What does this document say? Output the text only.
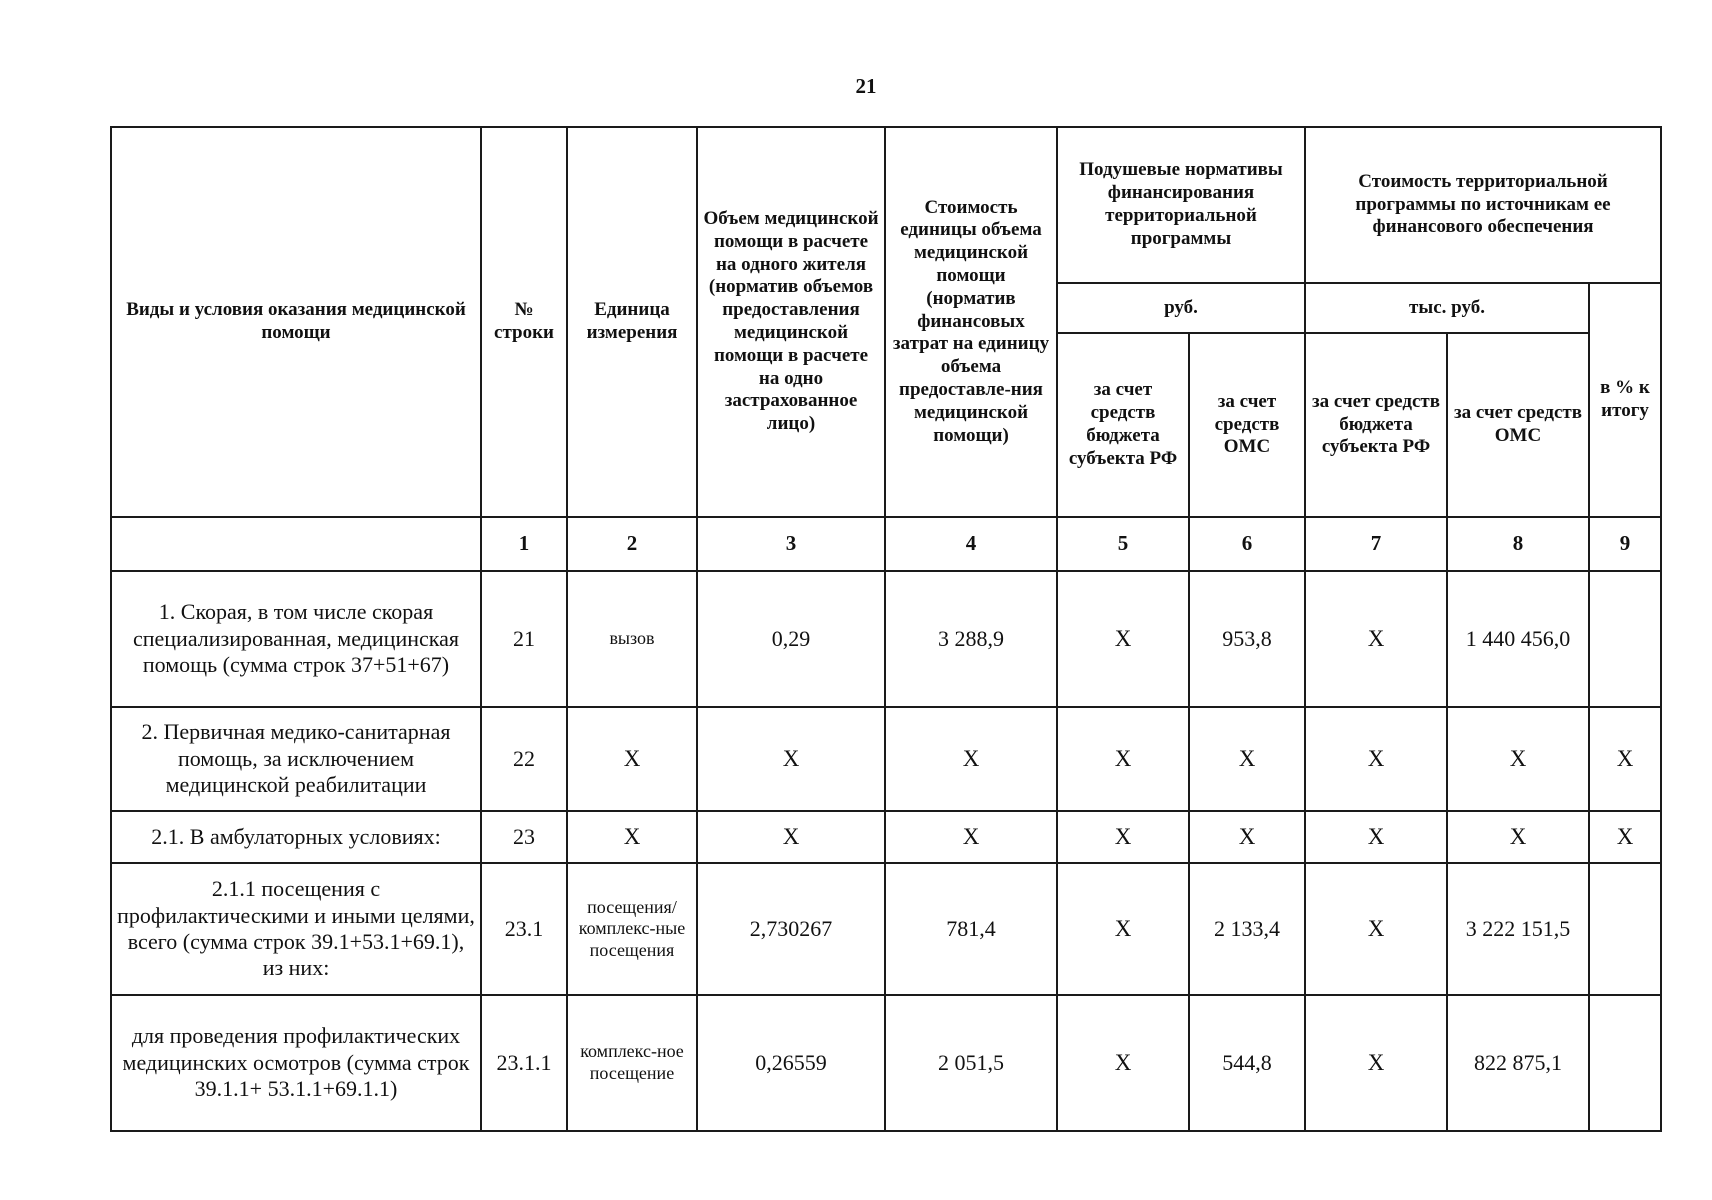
21
Виды и условия оказания медицинской помощи	№ строки	Единица измерения	Объем медицинской помощи в расчете на одного жителя (норматив объемов предоставления медицинской помощи в расчете на одно застрахованное лицо)	Стоимость единицы объема медицинской помощи (норматив финансовых затрат на единицу объема предоставле-ния медицинской помощи)	Подушевые нормативы финансирования территориальной программы		Стоимость территориальной программы по источникам ее финансового обеспечения		
					руб.		тыс. руб.		в % к итогу
					за счет средств бюджета субъекта РФ	за счет средств ОМС	за счет средств бюджета субъекта РФ	за счет средств ОМС	
	1	2	3	4	5	6	7	8	9
1. Скорая, в том числе скорая специализированная, медицинская помощь (сумма строк 37+51+67)	21	вызов	0,29	3 288,9	Х	953,8	Х	1 440 456,0	
2. Первичная медико-санитарная помощь, за исключением медицинской реабилитации	22	Х	Х	Х	Х	Х	Х	Х	Х
2.1. В амбулаторных условиях:	23	Х	Х	Х	Х	Х	Х	Х	Х
2.1.1 посещения с профилактическими и иными целями, всего (сумма строк 39.1+53.1+69.1), из них:	23.1	посещения/ комплекс-ные посещения	2,730267	781,4	Х	2 133,4	Х	3 222 151,5	
для проведения профилактических медицинских осмотров (сумма строк 39.1.1+ 53.1.1+69.1.1)	23.1.1	комплекс-ное посещение	0,26559	2 051,5	Х	544,8	Х	822 875,1	
